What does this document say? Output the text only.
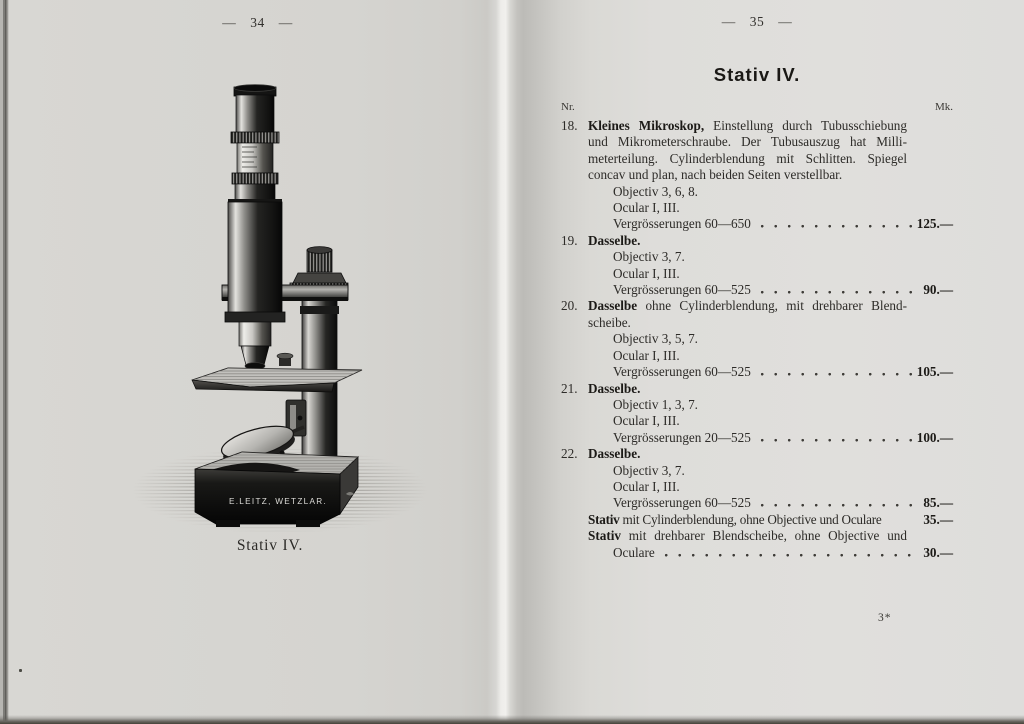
— 34 —
E.LEITZ, WETZLAR.
Stativ IV.
— 35 —
Stativ IV.
Nr.	Mk.
18. Kleines Mikroskop, Einstellung durch Tubusschiebung
und Mikrometerschraube. Der Tubusauszug hat Milli-
meterteilung. Cylinderblendung mit Schlitten. Spiegel
concav und plan, nach beiden Seiten verstellbar.
Objectiv 3, 6, 8.
Ocular I, III.
Vergrösserungen 60—650	125.—
19. Dasselbe.
Objectiv 3, 7.
Ocular I, III.
Vergrösserungen 60—525	90.—
20. Dasselbe ohne Cylinderblendung, mit drehbarer Blend-
scheibe.
Objectiv 3, 5, 7.
Ocular I, III.
Vergrösserungen 60—525	105.—
21. Dasselbe.
Objectiv 1, 3, 7.
Ocular I, III.
Vergrösserungen 20—525	100.—
22. Dasselbe.
Objectiv 3, 7.
Ocular I, III.
Vergrösserungen 60—525	85.—
Stativ mit Cylinderblendung, ohne Objective und Oculare	35.—
Stativ mit drehbarer Blendscheibe, ohne Objective und
Oculare	30.—
3*
